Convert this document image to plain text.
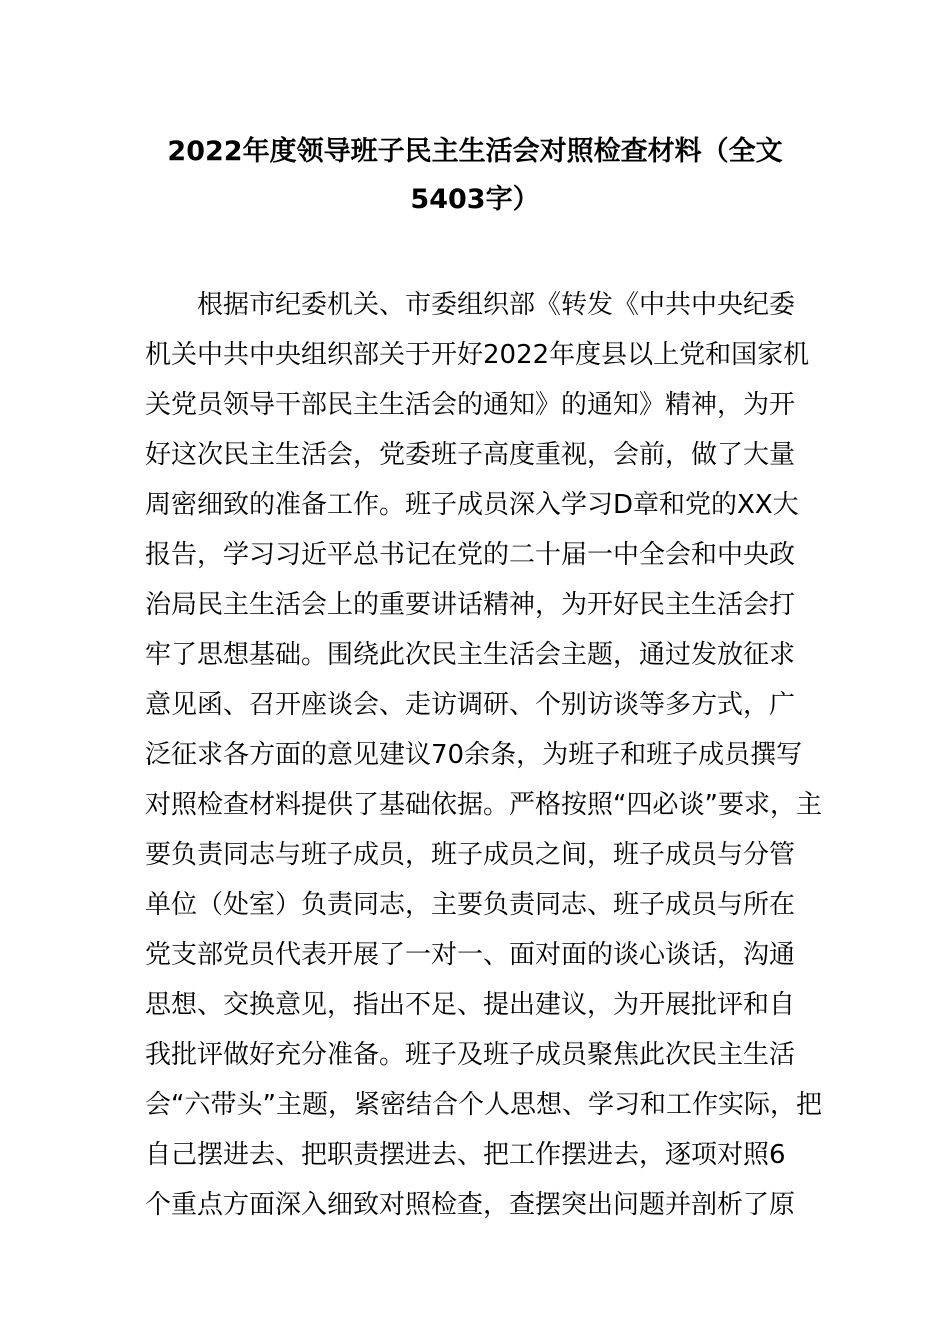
2022年度领导班子民主生活会对照检查材料（全文
5403字）
根据市纪委机关、市委组织部《转发《中共中央纪委
机关中共中央组织部关于开好2022年度县以上党和国家机
关党员领导干部民主生活会的通知》的通知》精神，为开
好这次民主生活会，党委班子高度重视，会前，做了大量
周密细致的准备工作。班子成员深入学习D章和党的XX大
报告，学习习近平总书记在党的二十届一中全会和中央政
治局民主生活会上的重要讲话精神，为开好民主生活会打
牢了思想基础。围绕此次民主生活会主题，通过发放征求
意见函、召开座谈会、走访调研、个别访谈等多方式，广
泛征求各方面的意见建议70余条，为班子和班子成员撰写
对照检查材料提供了基础依据。严格按照“四必谈”要求，主
要负责同志与班子成员，班子成员之间，班子成员与分管
单位（处室）负责同志，主要负责同志、班子成员与所在
党支部党员代表开展了一对一、面对面的谈心谈话，沟通
思想、交换意见，指出不足、提出建议，为开展批评和自
我批评做好充分准备。班子及班子成员聚焦此次民主生活
会“六带头”主题，紧密结合个人思想、学习和工作实际，把
自己摆进去、把职责摆进去、把工作摆进去，逐项对照6
个重点方面深入细致对照检查，查摆突出问题并剖析了原
